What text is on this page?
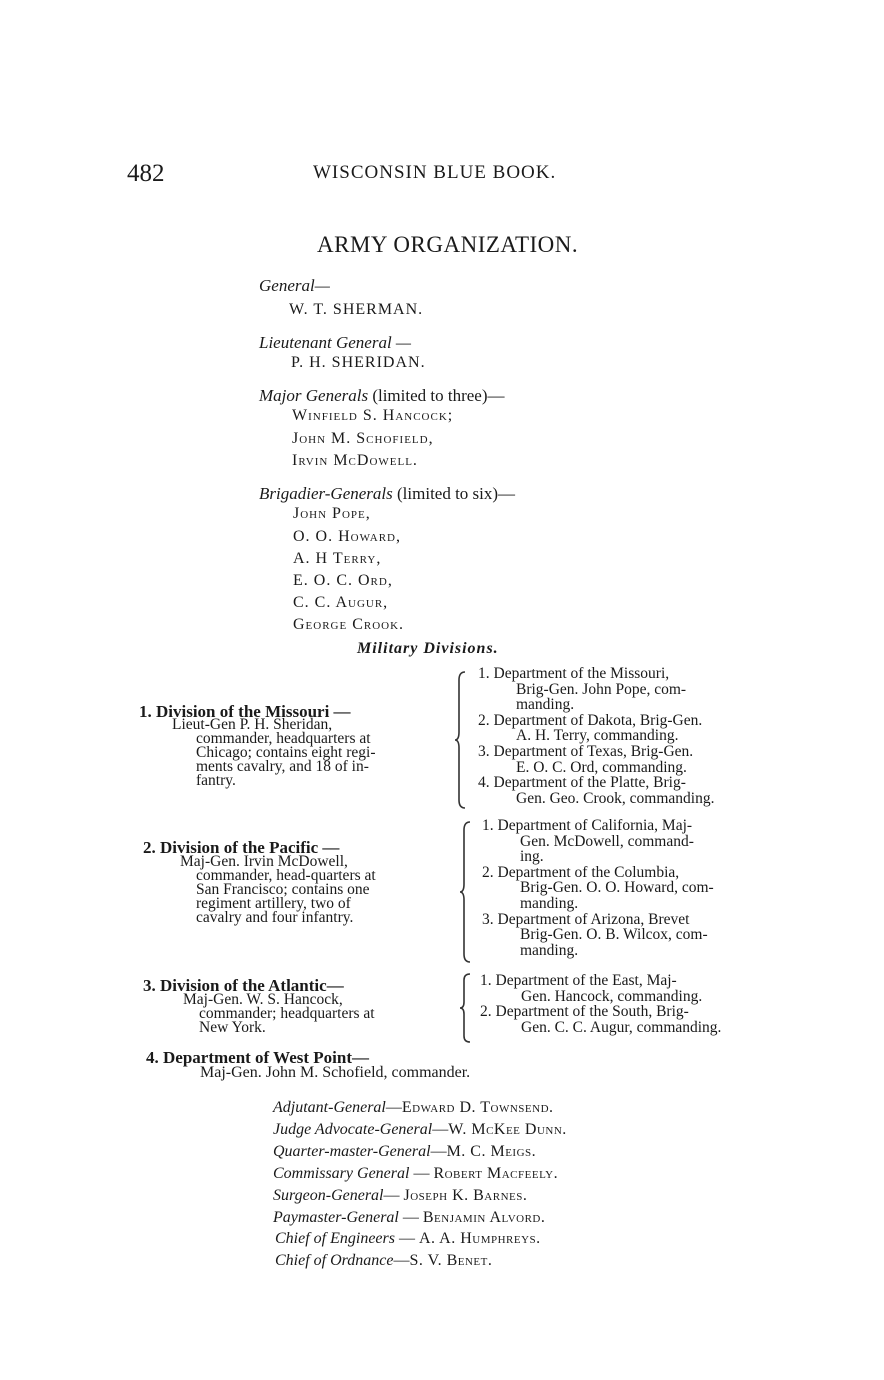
482	WISCONSIN BLUE BOOK.
ARMY ORGANIZATION.
General—
W. T. SHERMAN.
Lieutenant General —
P. H. SHERIDAN.
Major Generals (limited to three)—
Winfield S. Hancock;
John M. Schofield,
Irvin McDowell.
Brigadier-Generals (limited to six)—
John Pope,
O. O. Howard,
A. H Terry,
E. O. C. Ord,
C. C. Augur,
George Crook.
Military Divisions.
1. Division of the Missouri —
Lieut-Gen P. H. Sheridan,
commander, headquarters at
Chicago; contains eight regi-
ments cavalry, and 18 of in-
fantry.
1. Department of the Missouri,
Brig-Gen. John Pope, com-
manding.
2. Department of Dakota, Brig-Gen.
A. H. Terry, commanding.
3. Department of Texas, Brig-Gen.
E. O. C. Ord, commanding.
4. Department of the Platte, Brig-
Gen. Geo. Crook, commanding.
2. Division of the Pacific —
Maj-Gen. Irvin McDowell,
commander, head-quarters at
San Francisco; contains one
regiment artillery, two of
cavalry and four infantry.
1. Department of California, Maj-
Gen. McDowell, command-
ing.
2. Department of the Columbia,
Brig-Gen. O. O. Howard, com-
manding.
3. Department of Arizona, Brevet
Brig-Gen. O. B. Wilcox, com-
manding.
3. Division of the Atlantic—
Maj-Gen. W. S. Hancock,
commander; headquarters at
New York.
1. Department of the East, Maj-
Gen. Hancock, commanding.
2. Department of the South, Brig-
Gen. C. C. Augur, commanding.
4. Department of West Point—
Maj-Gen. John M. Schofield, commander.
Adjutant-General—Edward D. Townsend.
Judge Advocate-General—W. McKee Dunn.
Quarter-master-General—M. C. Meigs.
Commissary General — Robert Macfeely.
Surgeon-General— Joseph K. Barnes.
Paymaster-General — Benjamin Alvord.
Chief of Engineers — A. A. Humphreys.
Chief of Ordnance—S. V. Benet.
